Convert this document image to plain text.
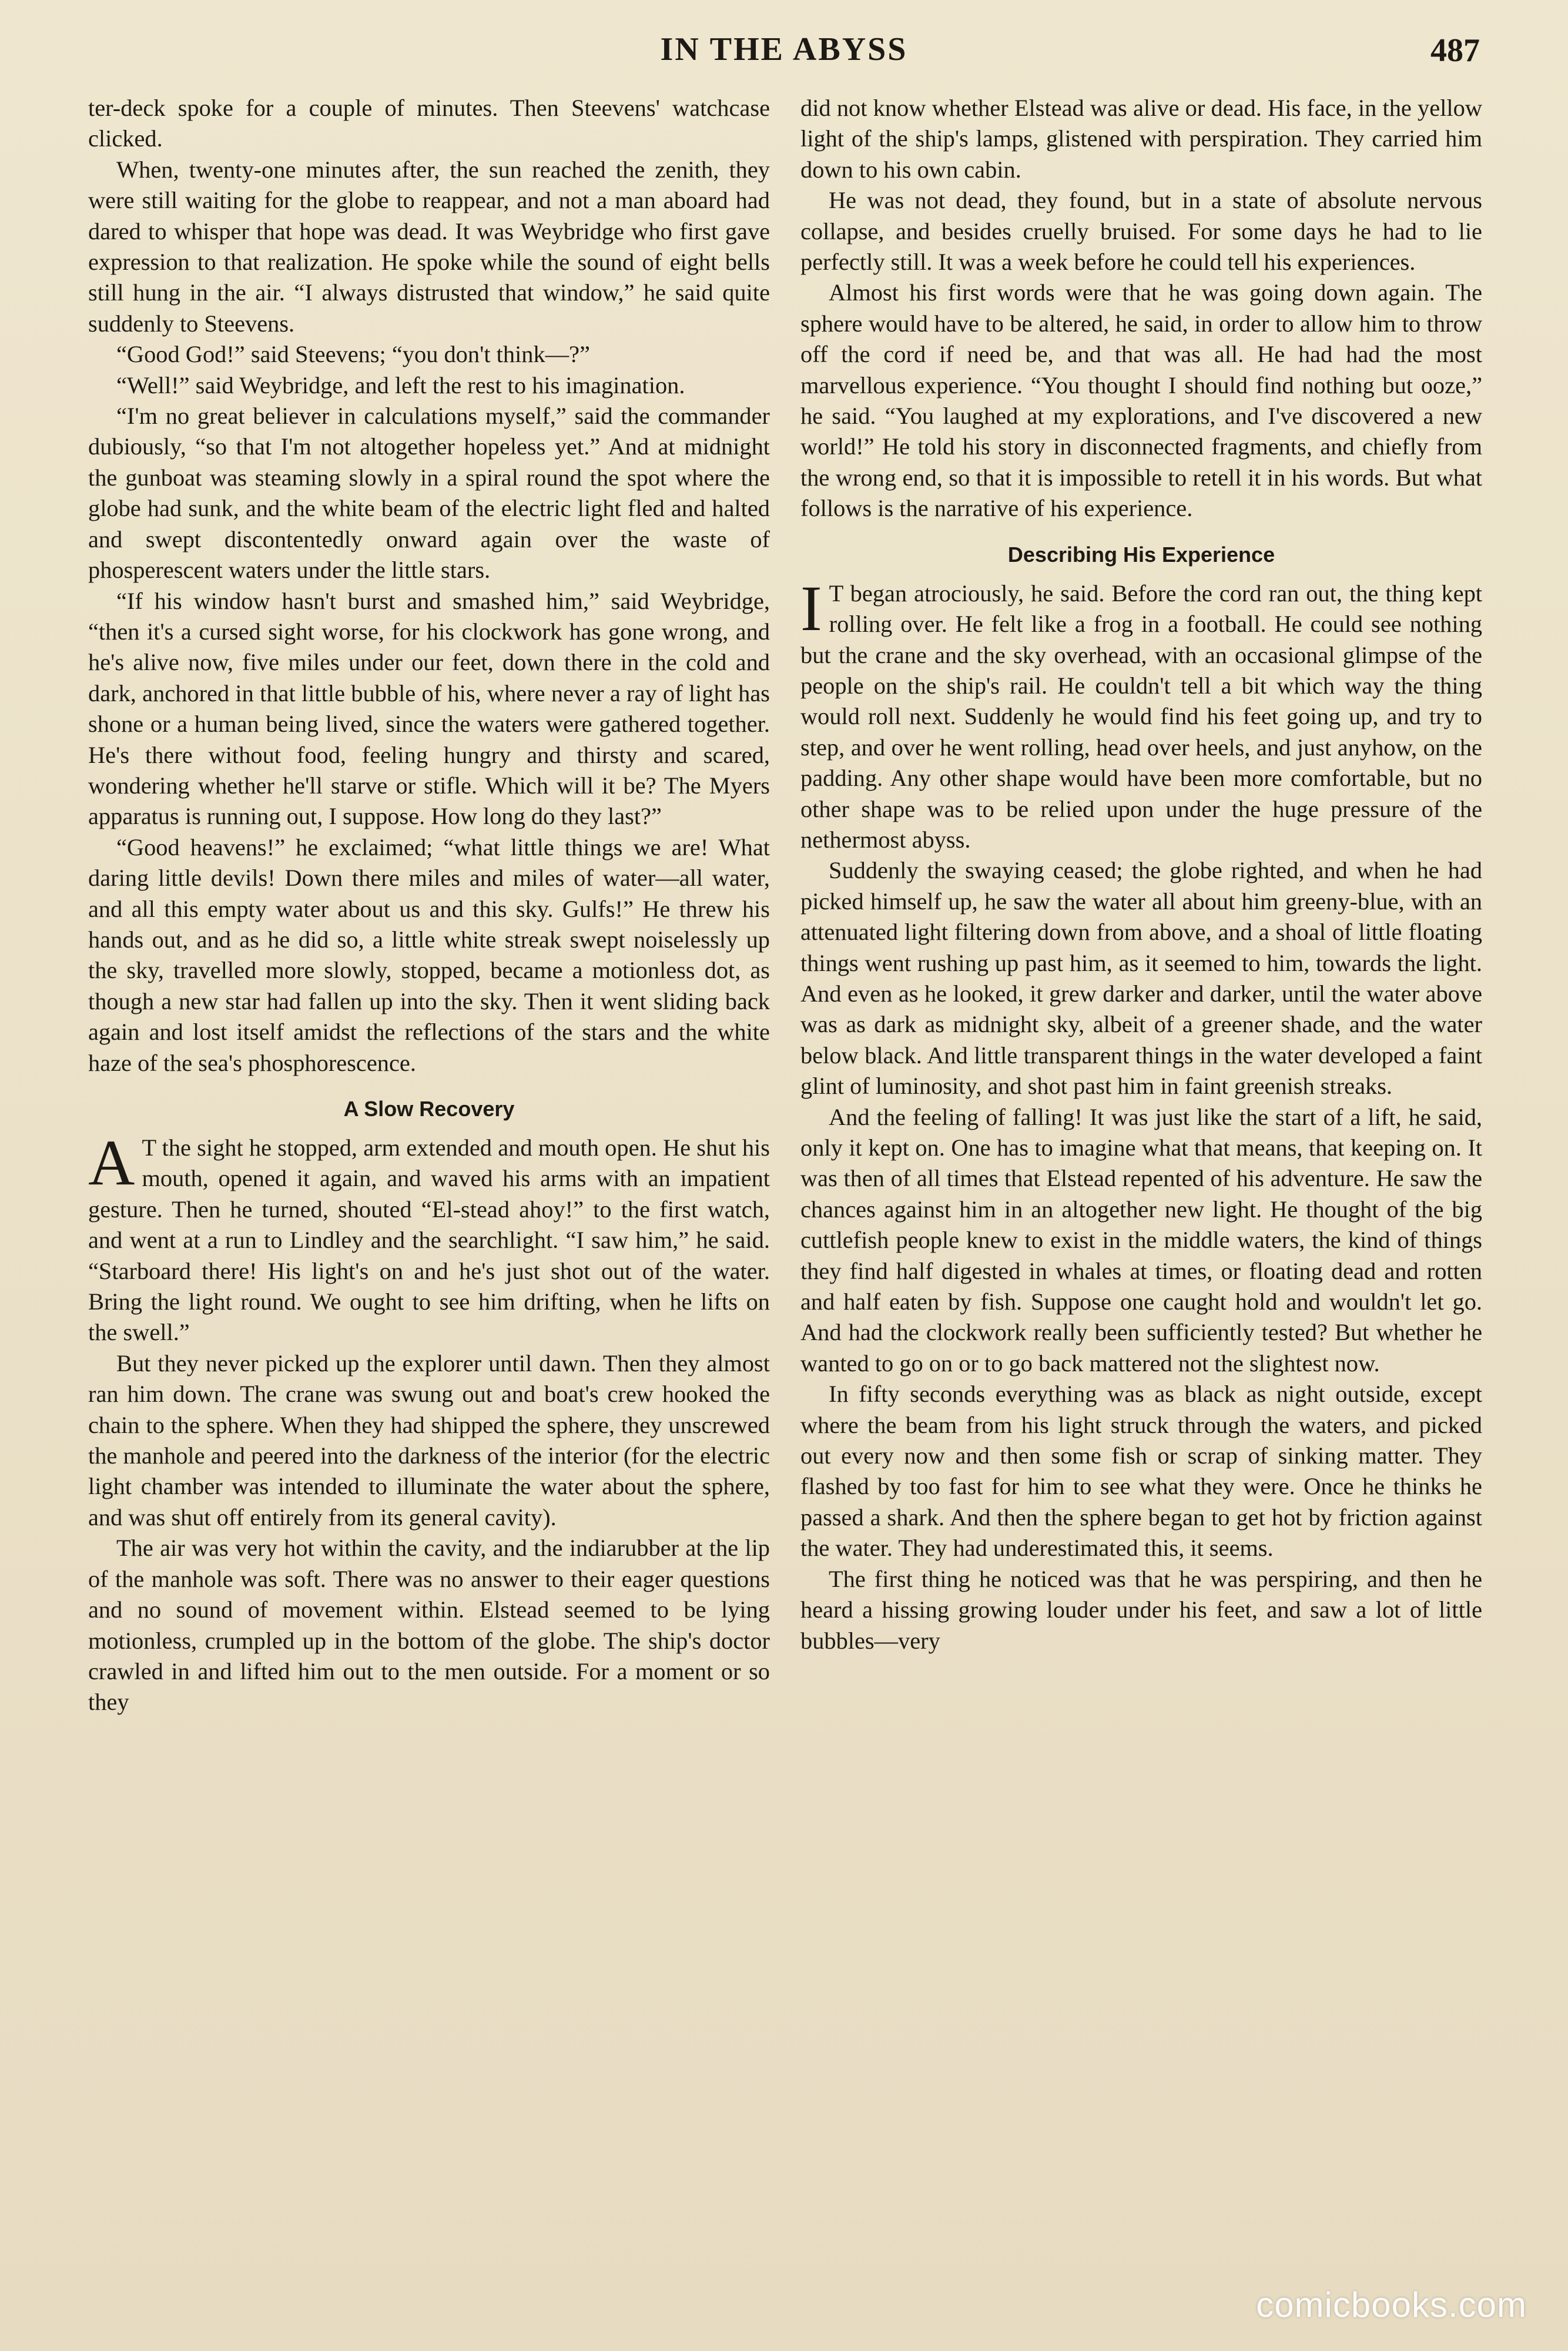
IN THE ABYSS	487

ter-deck spoke for a couple of minutes. Then Steevens' watchcase clicked.

When, twenty-one minutes after, the sun reached the zenith, they were still waiting for the globe to reappear, and not a man aboard had dared to whisper that hope was dead. It was Weybridge who first gave expression to that realization. He spoke while the sound of eight bells still hung in the air. “I always distrusted that window,” he said quite suddenly to Steevens.

“Good God!” said Steevens; “you don't think—?”

“Well!” said Weybridge, and left the rest to his imagination.

“I'm no great believer in calculations myself,” said the commander dubiously, “so that I'm not altogether hopeless yet.” And at midnight the gunboat was steaming slowly in a spiral round the spot where the globe had sunk, and the white beam of the electric light fled and halted and swept discontentedly onward again over the waste of phosperescent waters under the little stars.

“If his window hasn't burst and smashed him,” said Weybridge, “then it's a cursed sight worse, for his clockwork has gone wrong, and he's alive now, five miles under our feet, down there in the cold and dark, anchored in that little bubble of his, where never a ray of light has shone or a human being lived, since the waters were gathered together. He's there without food, feeling hungry and thirsty and scared, wondering whether he'll starve or stifle. Which will it be? The Myers apparatus is running out, I suppose. How long do they last?”

“Good heavens!” he exclaimed; “what little things we are! What daring little devils! Down there miles and miles of water—all water, and all this empty water about us and this sky. Gulfs!” He threw his hands out, and as he did so, a little white streak swept noiselessly up the sky, travelled more slowly, stopped, became a motionless dot, as though a new star had fallen up into the sky. Then it went sliding back again and lost itself amidst the reflections of the stars and the white haze of the sea's phosphorescence.

A Slow Recovery

A T the sight he stopped, arm extended and mouth open. He shut his mouth, opened it again, and waved his arms with an impatient gesture. Then he turned, shouted “El-stead ahoy!” to the first watch, and went at a run to Lindley and the searchlight. “I saw him,” he said. “Starboard there! His light's on and he's just shot out of the water. Bring the light round. We ought to see him drifting, when he lifts on the swell.”

But they never picked up the explorer until dawn. Then they almost ran him down. The crane was swung out and boat's crew hooked the chain to the sphere. When they had shipped the sphere, they unscrewed the manhole and peered into the darkness of the interior (for the electric light chamber was intended to illuminate the water about the sphere, and was shut off entirely from its general cavity).

The air was very hot within the cavity, and the indiarubber at the lip of the manhole was soft. There was no answer to their eager questions and no sound of movement within. Elstead seemed to be lying motionless, crumpled up in the bottom of the globe. The ship's doctor crawled in and lifted him out to the men outside. For a moment or so they

did not know whether Elstead was alive or dead. His face, in the yellow light of the ship's lamps, glistened with perspiration. They carried him down to his own cabin.

He was not dead, they found, but in a state of absolute nervous collapse, and besides cruelly bruised. For some days he had to lie perfectly still. It was a week before he could tell his experiences.

Almost his first words were that he was going down again. The sphere would have to be altered, he said, in order to allow him to throw off the cord if need be, and that was all. He had had the most marvellous experience. “You thought I should find nothing but ooze,” he said. “You laughed at my explorations, and I've discovered a new world!” He told his story in disconnected fragments, and chiefly from the wrong end, so that it is impossible to retell it in his words. But what follows is the narrative of his experience.

Describing His Experience

I T began atrociously, he said. Before the cord ran out, the thing kept rolling over. He felt like a frog in a football. He could see nothing but the crane and the sky overhead, with an occasional glimpse of the people on the ship's rail. He couldn't tell a bit which way the thing would roll next. Suddenly he would find his feet going up, and try to step, and over he went rolling, head over heels, and just anyhow, on the padding. Any other shape would have been more comfortable, but no other shape was to be relied upon under the huge pressure of the nethermost abyss.

Suddenly the swaying ceased; the globe righted, and when he had picked himself up, he saw the water all about him greeny-blue, with an attenuated light filtering down from above, and a shoal of little floating things went rushing up past him, as it seemed to him, towards the light. And even as he looked, it grew darker and darker, until the water above was as dark as midnight sky, albeit of a greener shade, and the water below black. And little transparent things in the water developed a faint glint of luminosity, and shot past him in faint greenish streaks.

And the feeling of falling! It was just like the start of a lift, he said, only it kept on. One has to imagine what that means, that keeping on. It was then of all times that Elstead repented of his adventure. He saw the chances against him in an altogether new light. He thought of the big cuttlefish people knew to exist in the middle waters, the kind of things they find half digested in whales at times, or floating dead and rotten and half eaten by fish. Suppose one caught hold and wouldn't let go. And had the clockwork really been sufficiently tested? But whether he wanted to go on or to go back mattered not the slightest now.

In fifty seconds everything was as black as night outside, except where the beam from his light struck through the waters, and picked out every now and then some fish or scrap of sinking matter. They flashed by too fast for him to see what they were. Once he thinks he passed a shark. And then the sphere began to get hot by friction against the water. They had underestimated this, it seems.

The first thing he noticed was that he was perspiring, and then he heard a hissing growing louder under his feet, and saw a lot of little bubbles—very

comicbooks.com
